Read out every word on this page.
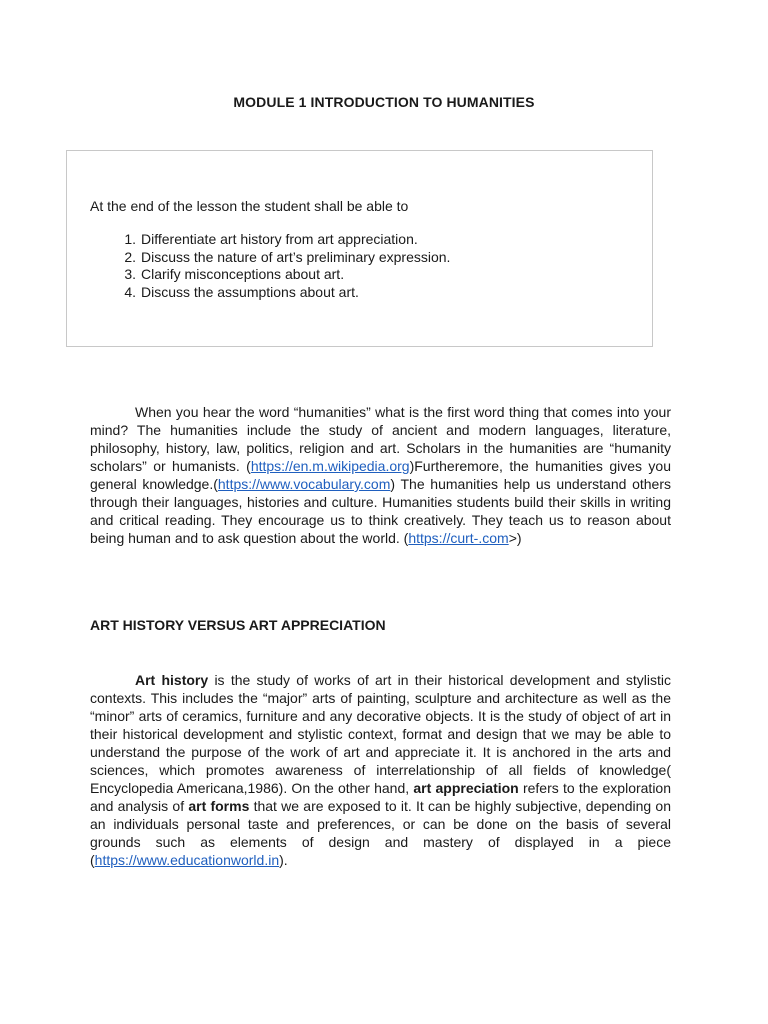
MODULE 1 INTRODUCTION TO HUMANITIES

At the end of the lesson the student shall be able to

1. Differentiate art history from art appreciation.
2. Discuss the nature of art’s preliminary expression.
3. Clarify misconceptions about art.
4. Discuss the assumptions about art.

When you hear the word “humanities” what is the first word thing that comes into your mind? The humanities include the study of ancient and modern languages, literature, philosophy, history, law, politics, religion and art. Scholars in the humanities are “humanity scholars” or humanists. (https://en.m.wikipedia.org)Furtheremore, the humanities gives you general knowledge.(https://www.vocabulary.com) The humanities help us understand others through their languages, histories and culture. Humanities students build their skills in writing and critical reading. They encourage us to think creatively. They teach us to reason about being human and to ask question about the world. (https://curt-.com>)

ART HISTORY VERSUS ART APPRECIATION

Art history is the study of works of art in their historical development and stylistic contexts. This includes the “major” arts of painting, sculpture and architecture as well as the “minor” arts of ceramics, furniture and any decorative objects. It is the study of object of art in their historical development and stylistic context, format and design that we may be able to understand the purpose of the work of art and appreciate it. It is anchored in the arts and sciences, which promotes awareness of interrelationship of all fields of knowledge( Encyclopedia Americana,1986). On the other hand, art appreciation refers to the exploration and analysis of art forms that we are exposed to it. It can be highly subjective, depending on an individuals personal taste and preferences, or can be done on the basis of several grounds such as elements of design and mastery of displayed in a piece (https://www.educationworld.in).
